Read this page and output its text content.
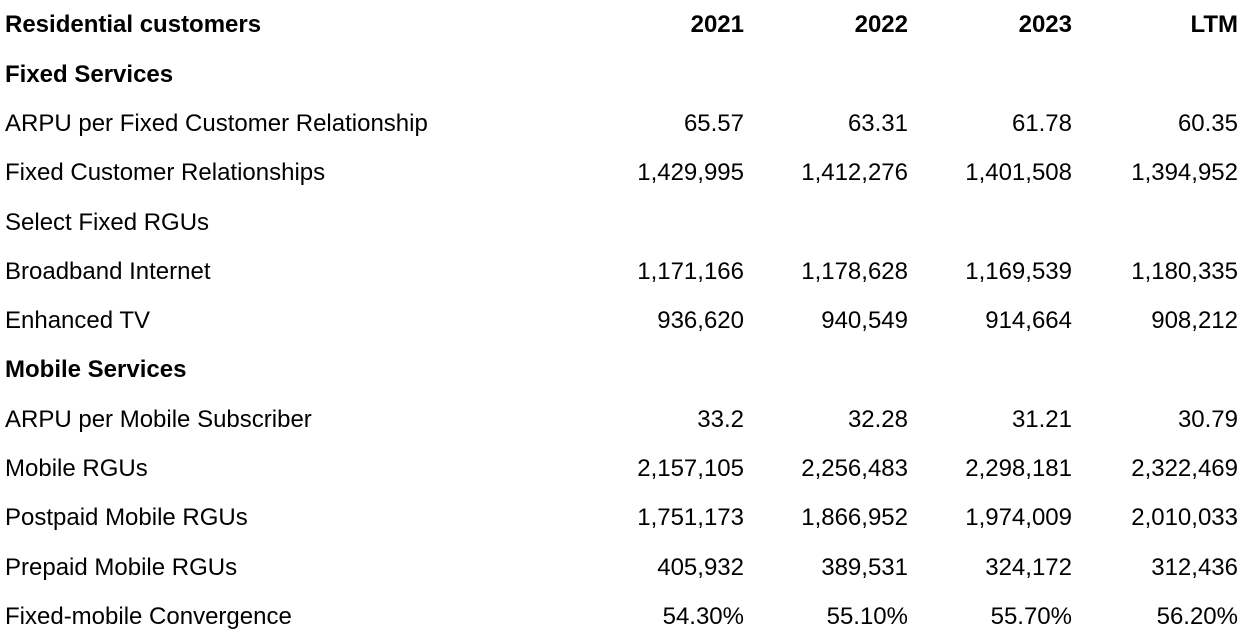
Residential customers	2021	2022	2023	LTM
Fixed Services				
ARPU per Fixed Customer Relationship	65.57	63.31	61.78	60.35
Fixed Customer Relationships	1,429,995	1,412,276	1,401,508	1,394,952
Select Fixed RGUs				
Broadband Internet	1,171,166	1,178,628	1,169,539	1,180,335
Enhanced TV	936,620	940,549	914,664	908,212
Mobile Services				
ARPU per Mobile Subscriber	33.2	32.28	31.21	30.79
Mobile RGUs	2,157,105	2,256,483	2,298,181	2,322,469
Postpaid Mobile RGUs	1,751,173	1,866,952	1,974,009	2,010,033
Prepaid Mobile RGUs	405,932	389,531	324,172	312,436
Fixed-mobile Convergence	54.30%	55.10%	55.70%	56.20%
